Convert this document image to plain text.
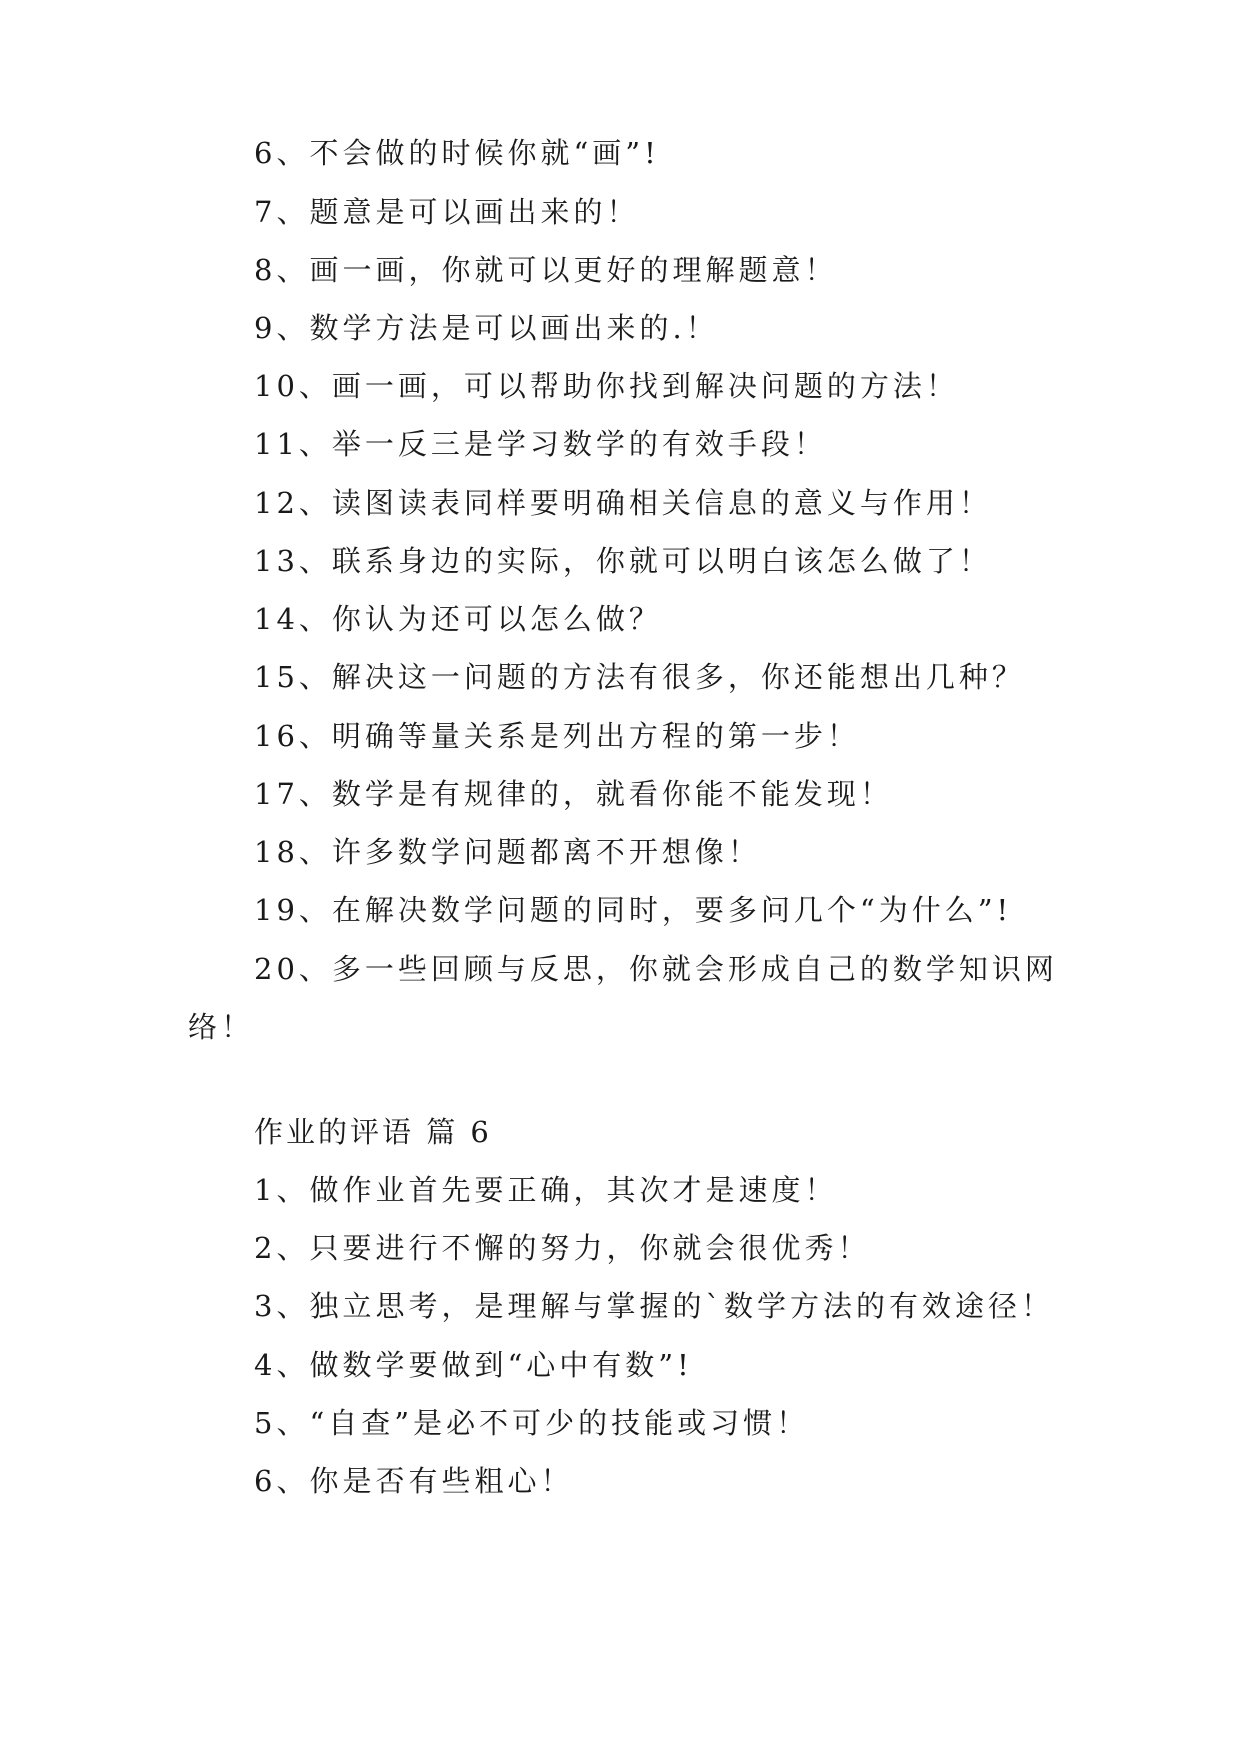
6、不会做的时候你就“画”!
7、题意是可以画出来的！
8、画一画，你就可以更好的理解题意！
9、数学方法是可以画出来的.！
10、画一画，可以帮助你找到解决问题的方法！
11、举一反三是学习数学的有效手段！
12、读图读表同样要明确相关信息的意义与作用！
13、联系身边的实际，你就可以明白该怎么做了！
14、你认为还可以怎么做？
15、解决这一问题的方法有很多，你还能想出几种？
16、明确等量关系是列出方程的第一步！
17、数学是有规律的，就看你能不能发现！
18、许多数学问题都离不开想像！
19、在解决数学问题的同时，要多问几个“为什么”!
20、多一些回顾与反思，你就会形成自己的数学知识网
络！
作业的评语 篇 6
1、做作业首先要正确，其次才是速度！
2、只要进行不懈的努力，你就会很优秀！
3、独立思考，是理解与掌握的`数学方法的有效途径！
4、做数学要做到“心中有数”!
5、“自查”是必不可少的技能或习惯！
6、你是否有些粗心！
